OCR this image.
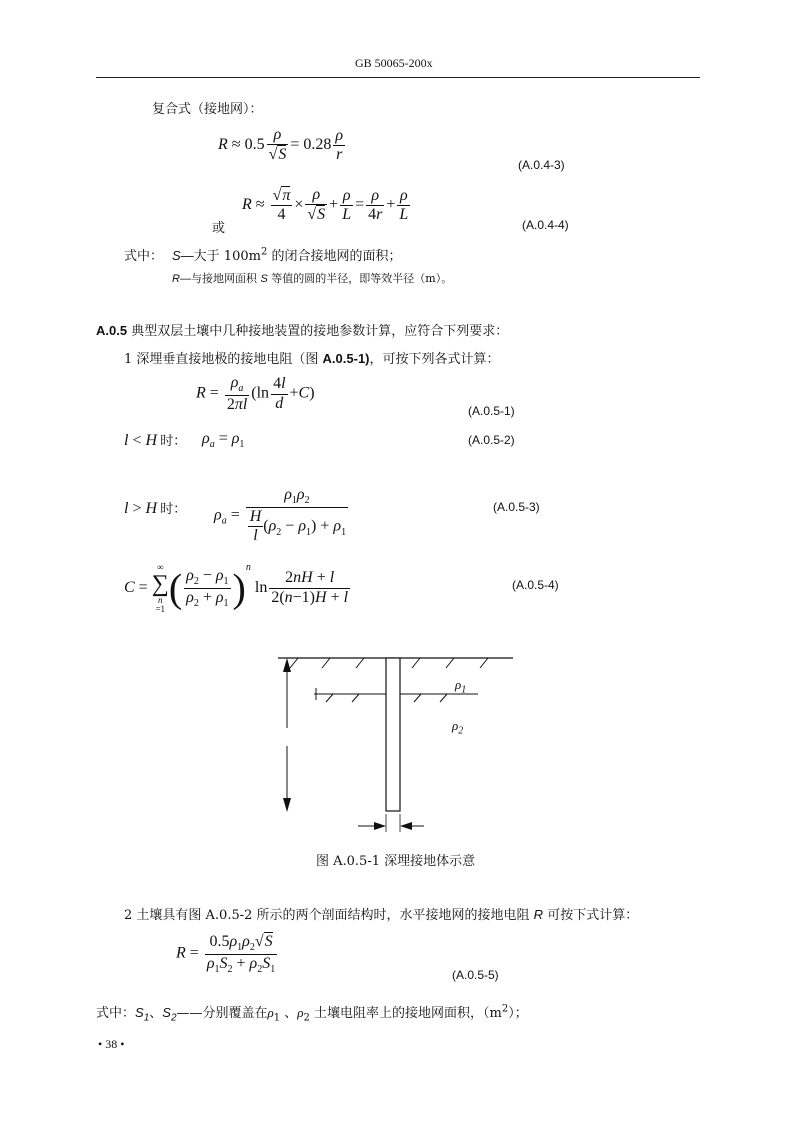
GB 50065-200x
复合式（接地网）：
$R \approx 0.5 \frac{\rho}{√S} = 0.28 \frac{\rho}{r}$
(A.0.4-3)
$R \approx \frac{√\pi}{4} \times \frac{\rho}{√S} + \frac{\rho}{L} = \frac{\rho}{4r} + \frac{\rho}{L}$
或	(A.0.4-4)
式中： S—大于 $100m^2$ 的闭合接地网的面积；
R—与接地网面积 S 等值的圆的半径，即等效半径（m）。
A.0.5 典型双层土壤中几种接地装置的接地参数计算，应符合下列要求：
1 深埋垂直接地极的接地电阻（图 A.0.5-1)，可按下列各式计算：
$R = \frac{\rho_a}{2\pi l} (\ln \frac{4l}{d} +C)$
(A.0.5-1)
l < H 时： $\rho_a = \rho_1$	(A.0.5-2)
l > H 时： $\rho_a = \frac{\rho_1\rho_2}{\frac{H}{l} (\rho_2 - \rho_1) + \rho_1}$	(A.0.5-3)
C =
∞
∑
n
=1 ( $\frac{\rho_2 - \rho_1}{\rho_2 + \rho_1} )^n$ $\ln \frac{2nH + l}{2(n-1)H + l}$	(A.0.5-4)
$\rho_1$
$\rho_2$
图 A.0.5-1 深埋接地体示意
2 土壤具有图 A.0.5-2 所示的两个剖面结构时，水平接地网的接地电阻 R 可按下式计算：
$R = \frac{0.5\rho_1\rho_2√S}{\rho_1S_2 + \rho_2S_1}$	(A.0.5-5)
式中：$S_1$、$S_2——$分别覆盖在$\rho_1$ 、$\rho_2$ 土壤电阻率上的接地网面积，$(m^2)$；
• 38 •
